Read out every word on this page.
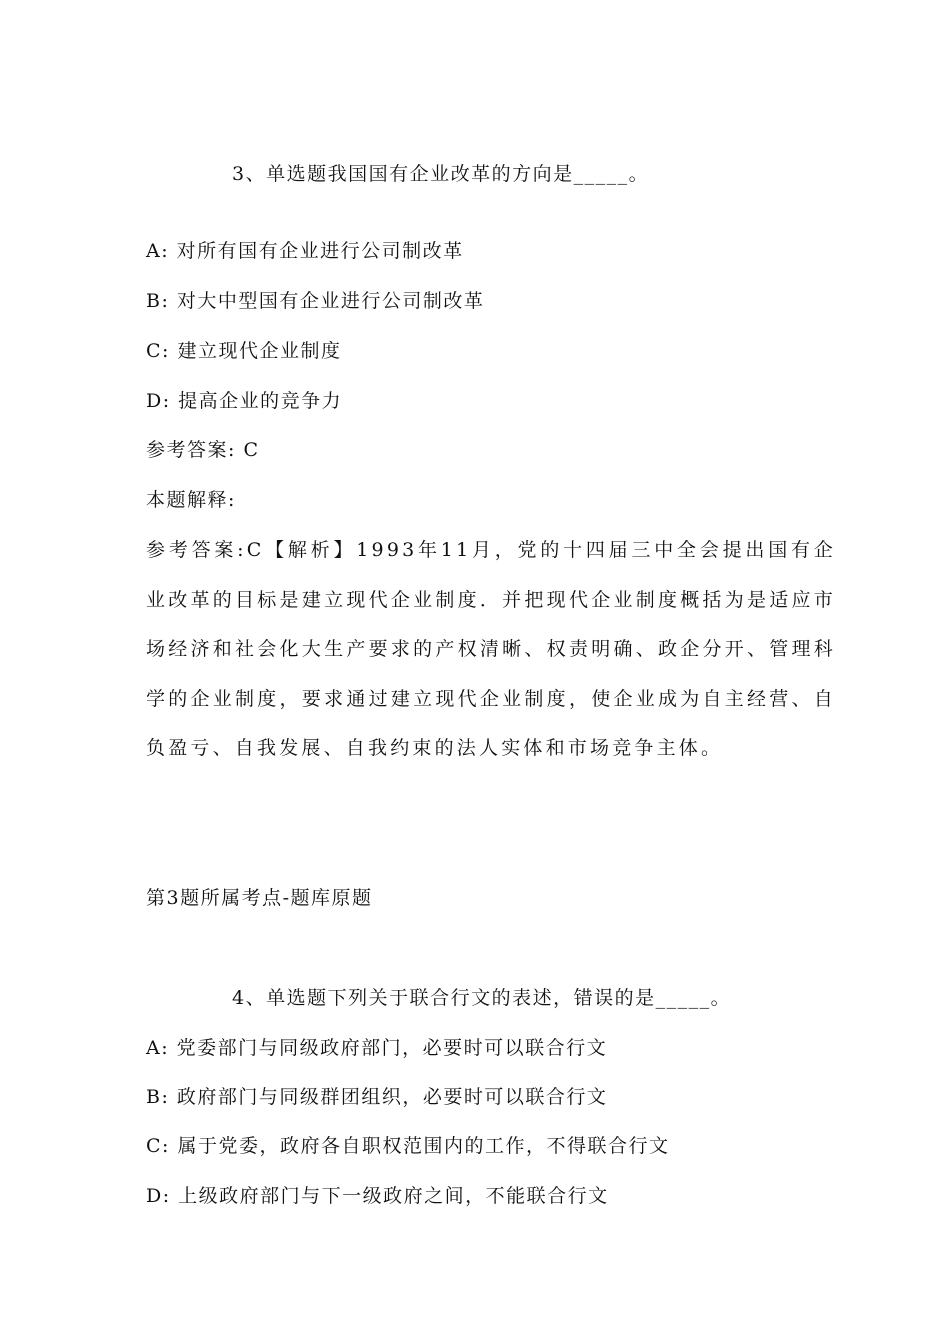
3、单选题我国国有企业改革的方向是_____。
A: 对所有国有企业进行公司制改革
B: 对大中型国有企业进行公司制改革
C: 建立现代企业制度
D: 提高企业的竞争力
参考答案: C
本题解释:
参考答案:C【解析】1993年11月，党的十四届三中全会提出国有企业改革的目标是建立现代企业制度．并把现代企业制度概括为是适应市场经济和社会化大生产要求的产权清晰、权责明确、政企分开、管理科学的企业制度，要求通过建立现代企业制度，使企业成为自主经营、自负盈亏、自我发展、自我约束的法人实体和市场竞争主体。
第3题所属考点-题库原题
4、单选题下列关于联合行文的表述，错误的是_____。
A: 党委部门与同级政府部门，必要时可以联合行文
B: 政府部门与同级群团组织，必要时可以联合行文
C: 属于党委，政府各自职权范围内的工作，不得联合行文
D: 上级政府部门与下一级政府之间，不能联合行文
